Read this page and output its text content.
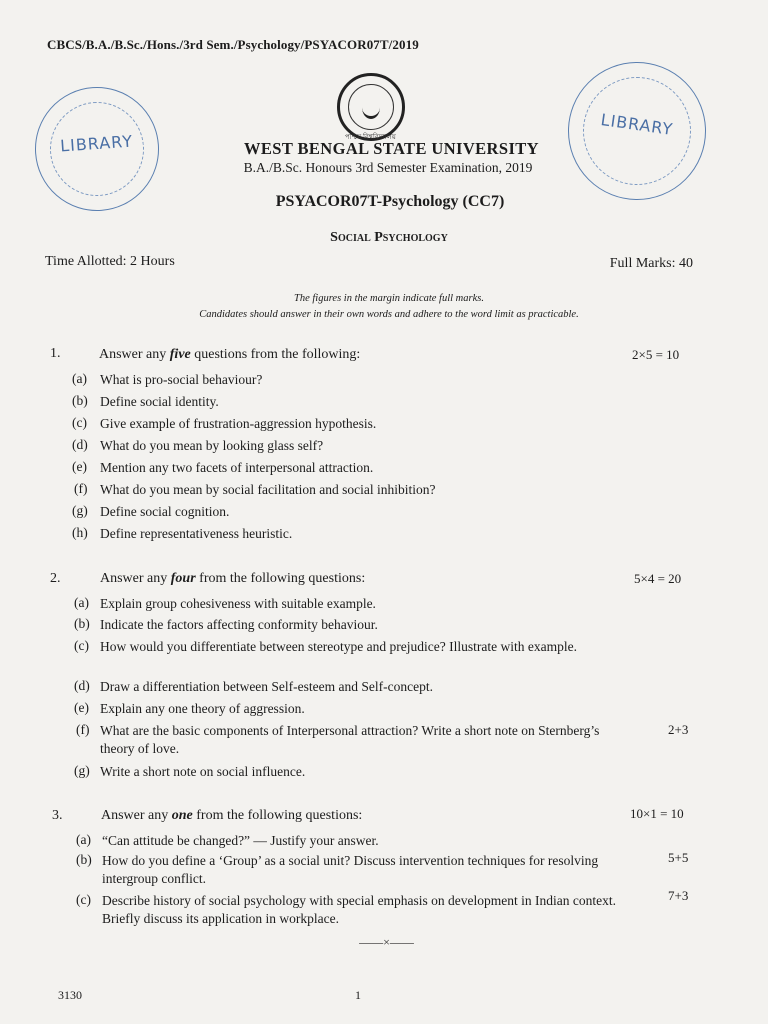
CBCS/B.A./B.Sc./Hons./3rd Sem./Psychology/PSYACOR07T/2019
LIBRARY	পশ্চিম বিশ্ববিদ্যালয়	LIBRARY
WEST BENGAL STATE UNIVERSITY
B.A./B.Sc. Honours 3rd Semester Examination, 2019
PSYACOR07T-Psychology (CC7)
Social Psychology
Time Allotted: 2 Hours	Full Marks: 40
The figures in the margin indicate full marks.
Candidates should answer in their own words and adhere to the word limit as practicable.
1.	Answer any five questions from the following:	2×5 = 10
(a) What is pro-social behaviour?
(b) Define social identity.
(c) Give example of frustration-aggression hypothesis.
(d) What do you mean by looking glass self?
(e) Mention any two facets of interpersonal attraction.
(f) What do you mean by social facilitation and social inhibition?
(g) Define social cognition.
(h) Define representativeness heuristic.
2.	Answer any four from the following questions:	5×4 = 20
(a) Explain group cohesiveness with suitable example.
(b) Indicate the factors affecting conformity behaviour.
(c) How would you differentiate between stereotype and prejudice? Illustrate with example.
(d) Draw a differentiation between Self-esteem and Self-concept.
(e) Explain any one theory of aggression.
(f) What are the basic components of Interpersonal attraction? Write a short note on Sternberg’s theory of love.
2+3
(g) Write a short note on social influence.
3.	Answer any one from the following questions:	10×1 = 10
(a) “Can attitude be changed?” — Justify your answer.
(b) How do you define a ‘Group’ as a social unit? Discuss intervention techniques for resolving intergroup conflict.
5+5
(c) Describe history of social psychology with special emphasis on development in Indian context. Briefly discuss its application in workplace.
7+3
——×——
3130	1
